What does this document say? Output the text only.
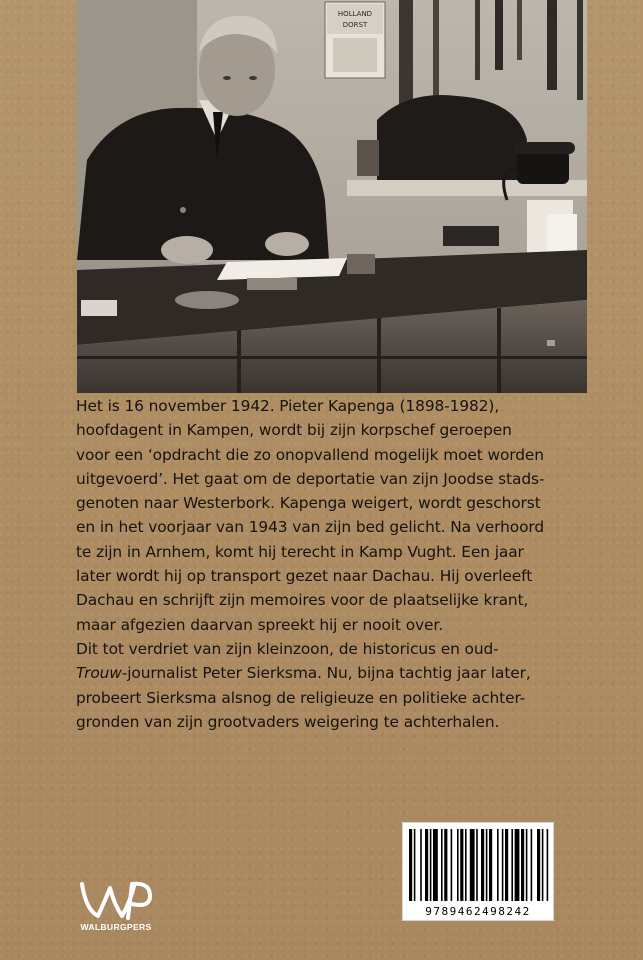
HOLLAND
DORST
Het is 16 november 1942. Pieter Kapenga (1898-1982),
hoofdagent in Kampen, wordt bij zijn korpschef geroepen
voor een ‘opdracht die zo onopvallend mogelijk moet worden
uitgevoerd’. Het gaat om de deportatie van zijn Joodse stads-
genoten naar Westerbork. Kapenga weigert, wordt geschorst
en in het voorjaar van 1943 van zijn bed gelicht. Na verhoord
te zijn in Arnhem, komt hij terecht in Kamp Vught. Een jaar
later wordt hij op transport gezet naar Dachau. Hij overleeft
Dachau en schrijft zijn memoires voor de plaatselijke krant,
maar afgezien daarvan spreekt hij er nooit over.
Dit tot verdriet van zijn kleinzoon, de historicus en oud-
Trouw-journalist Peter Sierksma. Nu, bijna tachtig jaar later,
probeert Sierksma alsnog de religieuze en politieke achter-
gronden van zijn grootvaders weigering te achterhalen.
9789462498242
WALBURGPERS
